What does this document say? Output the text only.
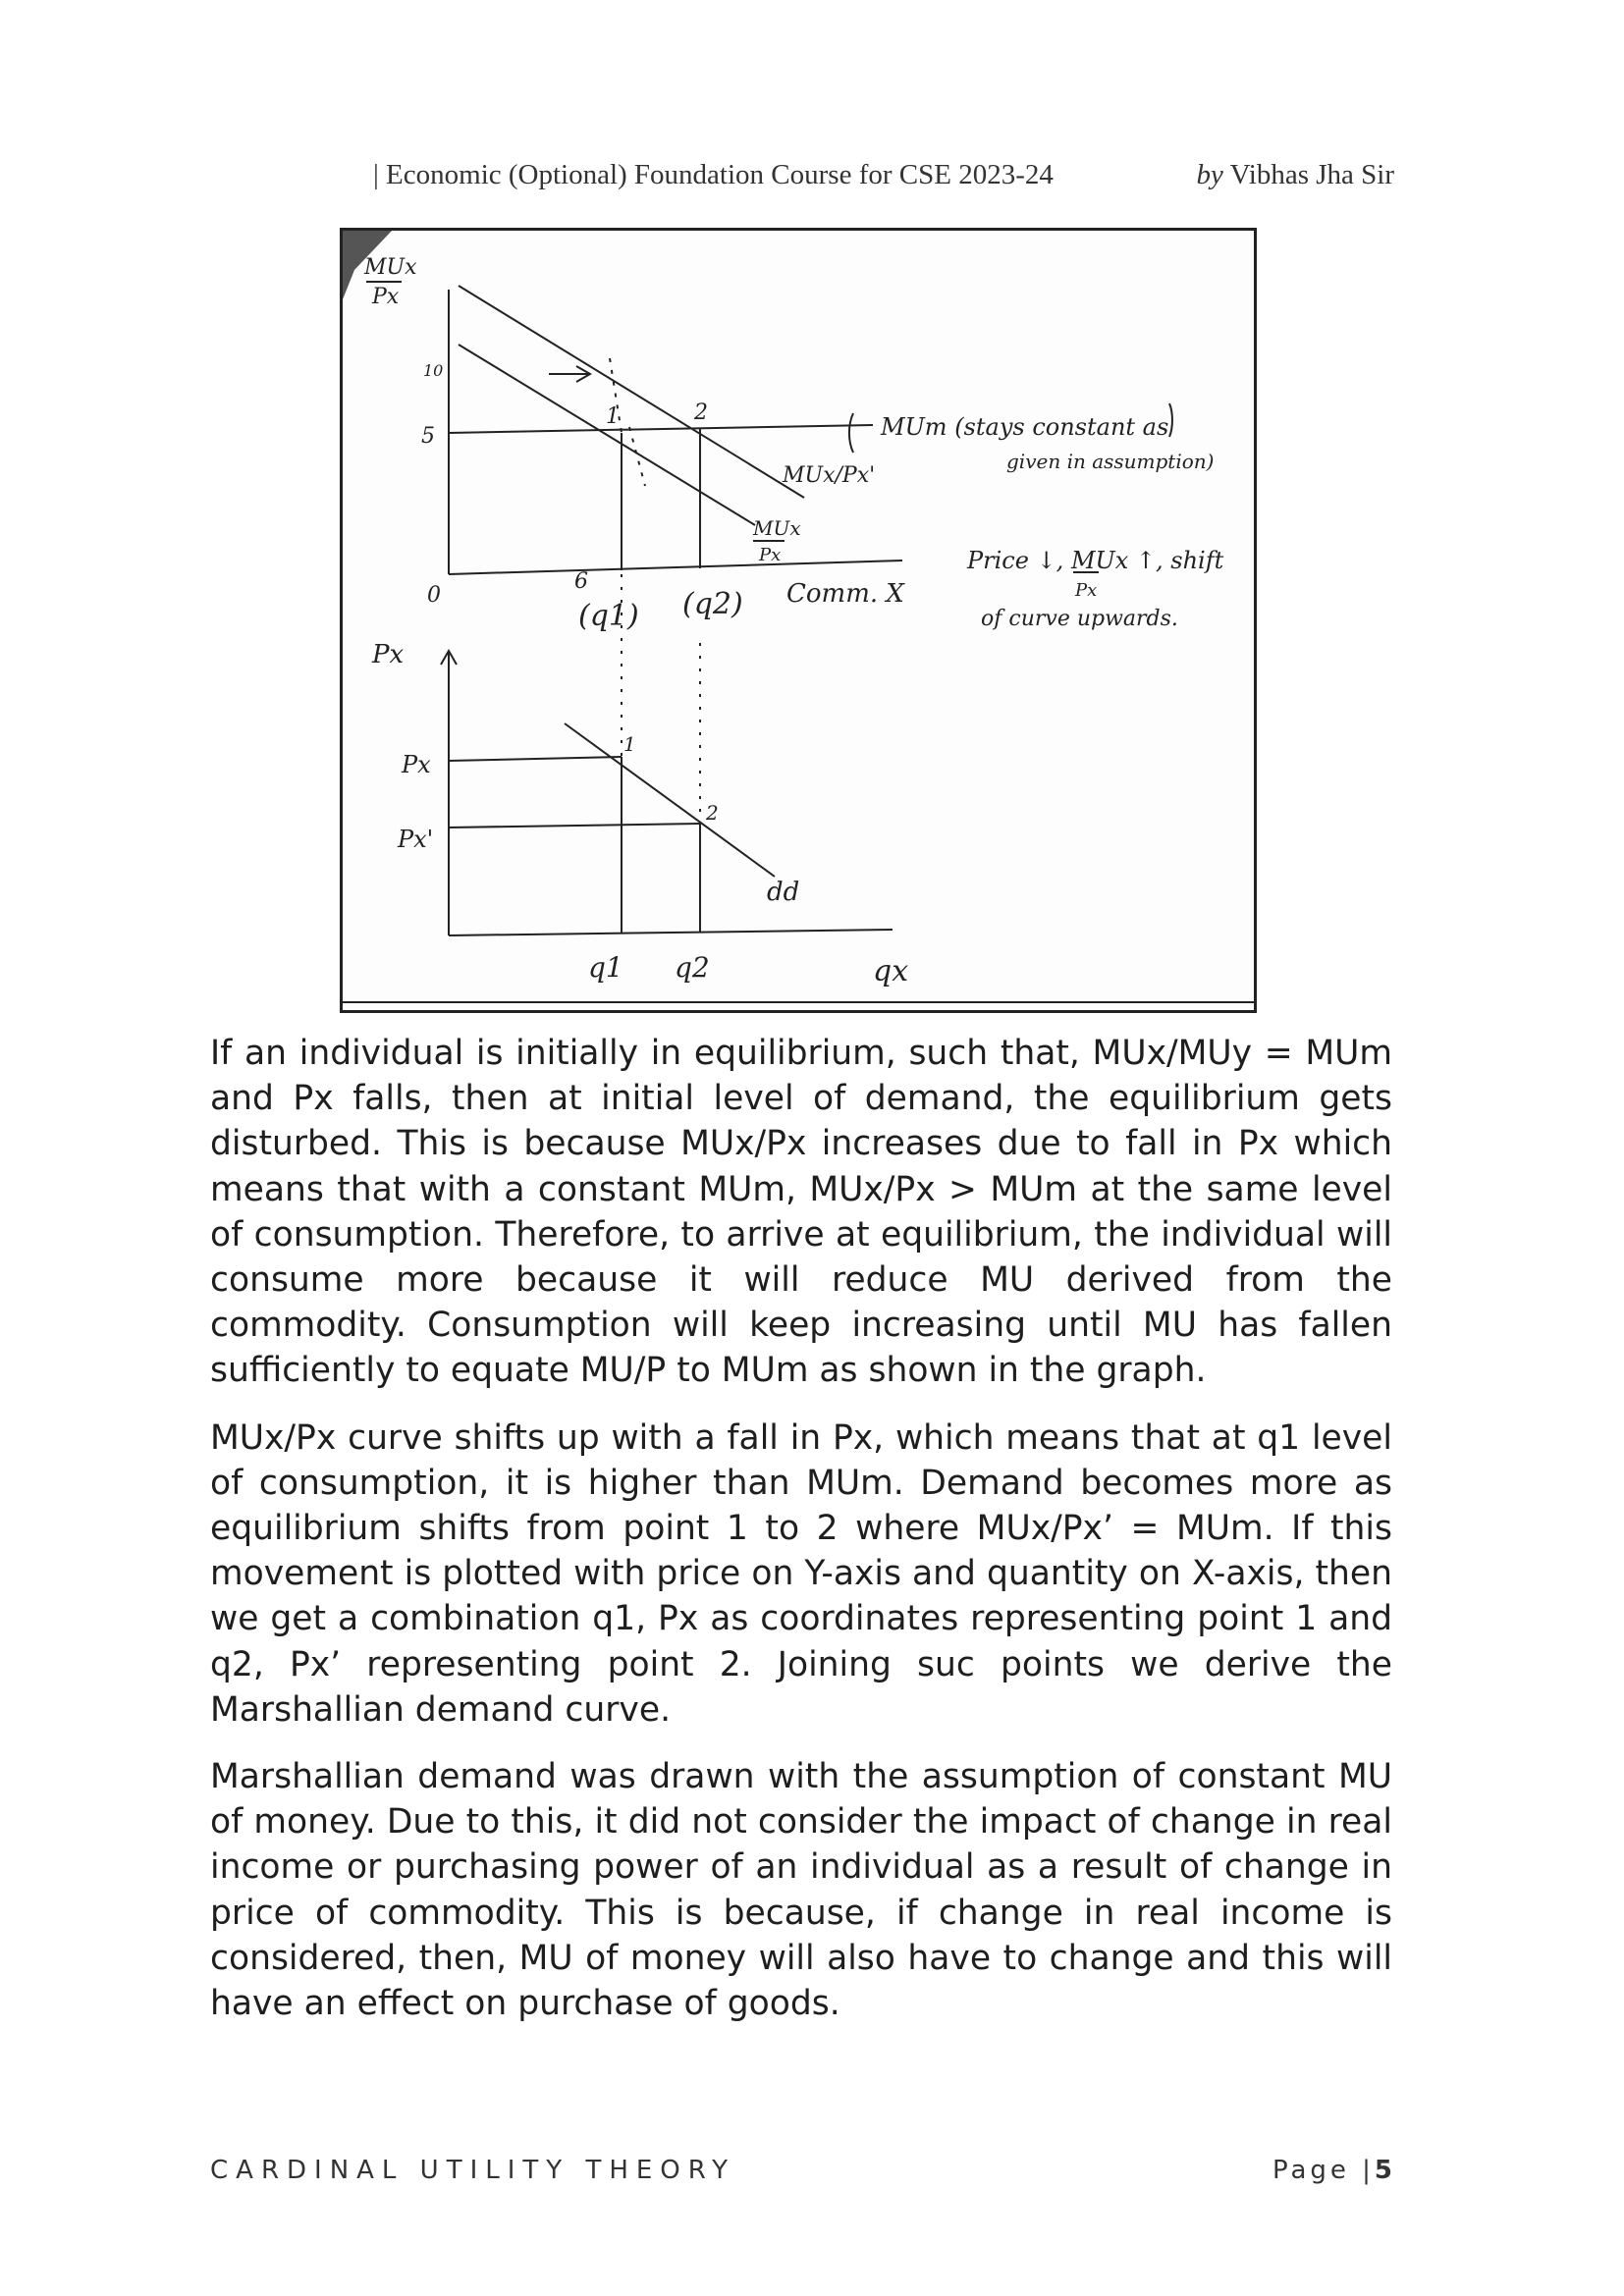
| Economic (Optional) Foundation Course for CSE 2023-24	by Vibhas Jha Sir
MUx
Px
10
5
0
6
(q1) (q2) Comm. X
1	2
MUm (stays constant as
given in assumption)
MUx/Px'
MUx
Px	Price ↓, MUx ↑, shift
Px
of curve upwards.
Px
Px
Px'
1
2
dd
q1 q2	qx

If an individual is initially in equilibrium, such that, MUx/MUy = MUm and Px falls, then at initial level of demand, the equilibrium gets disturbed. This is because MUx/Px increases due to fall in Px which means that with a constant MUm, MUx/Px > MUm at the same level of consumption. Therefore, to arrive at equilibrium, the individual will consume more because it will reduce MU derived from the commodity. Consumption will keep increasing until MU has fallen sufficiently to equate MU/P to MUm as shown in the graph.

MUx/Px curve shifts up with a fall in Px, which means that at q1 level of consumption, it is higher than MUm. Demand becomes more as equilibrium shifts from point 1 to 2 where MUx/Px’ = MUm. If this movement is plotted with price on Y-axis and quantity on X-axis, then we get a combination q1, Px as coordinates representing point 1 and q2, Px’ representing point 2. Joining suc points we derive the Marshallian demand curve.

Marshallian demand was drawn with the assumption of constant MU of money. Due to this, it did not consider the impact of change in real income or purchasing power of an individual as a result of change in price of commodity. This is because, if change in real income is considered, then, MU of money will also have to change and this will have an effect on purchase of goods.

CARDINAL UTILITY THEORY	Page |5
